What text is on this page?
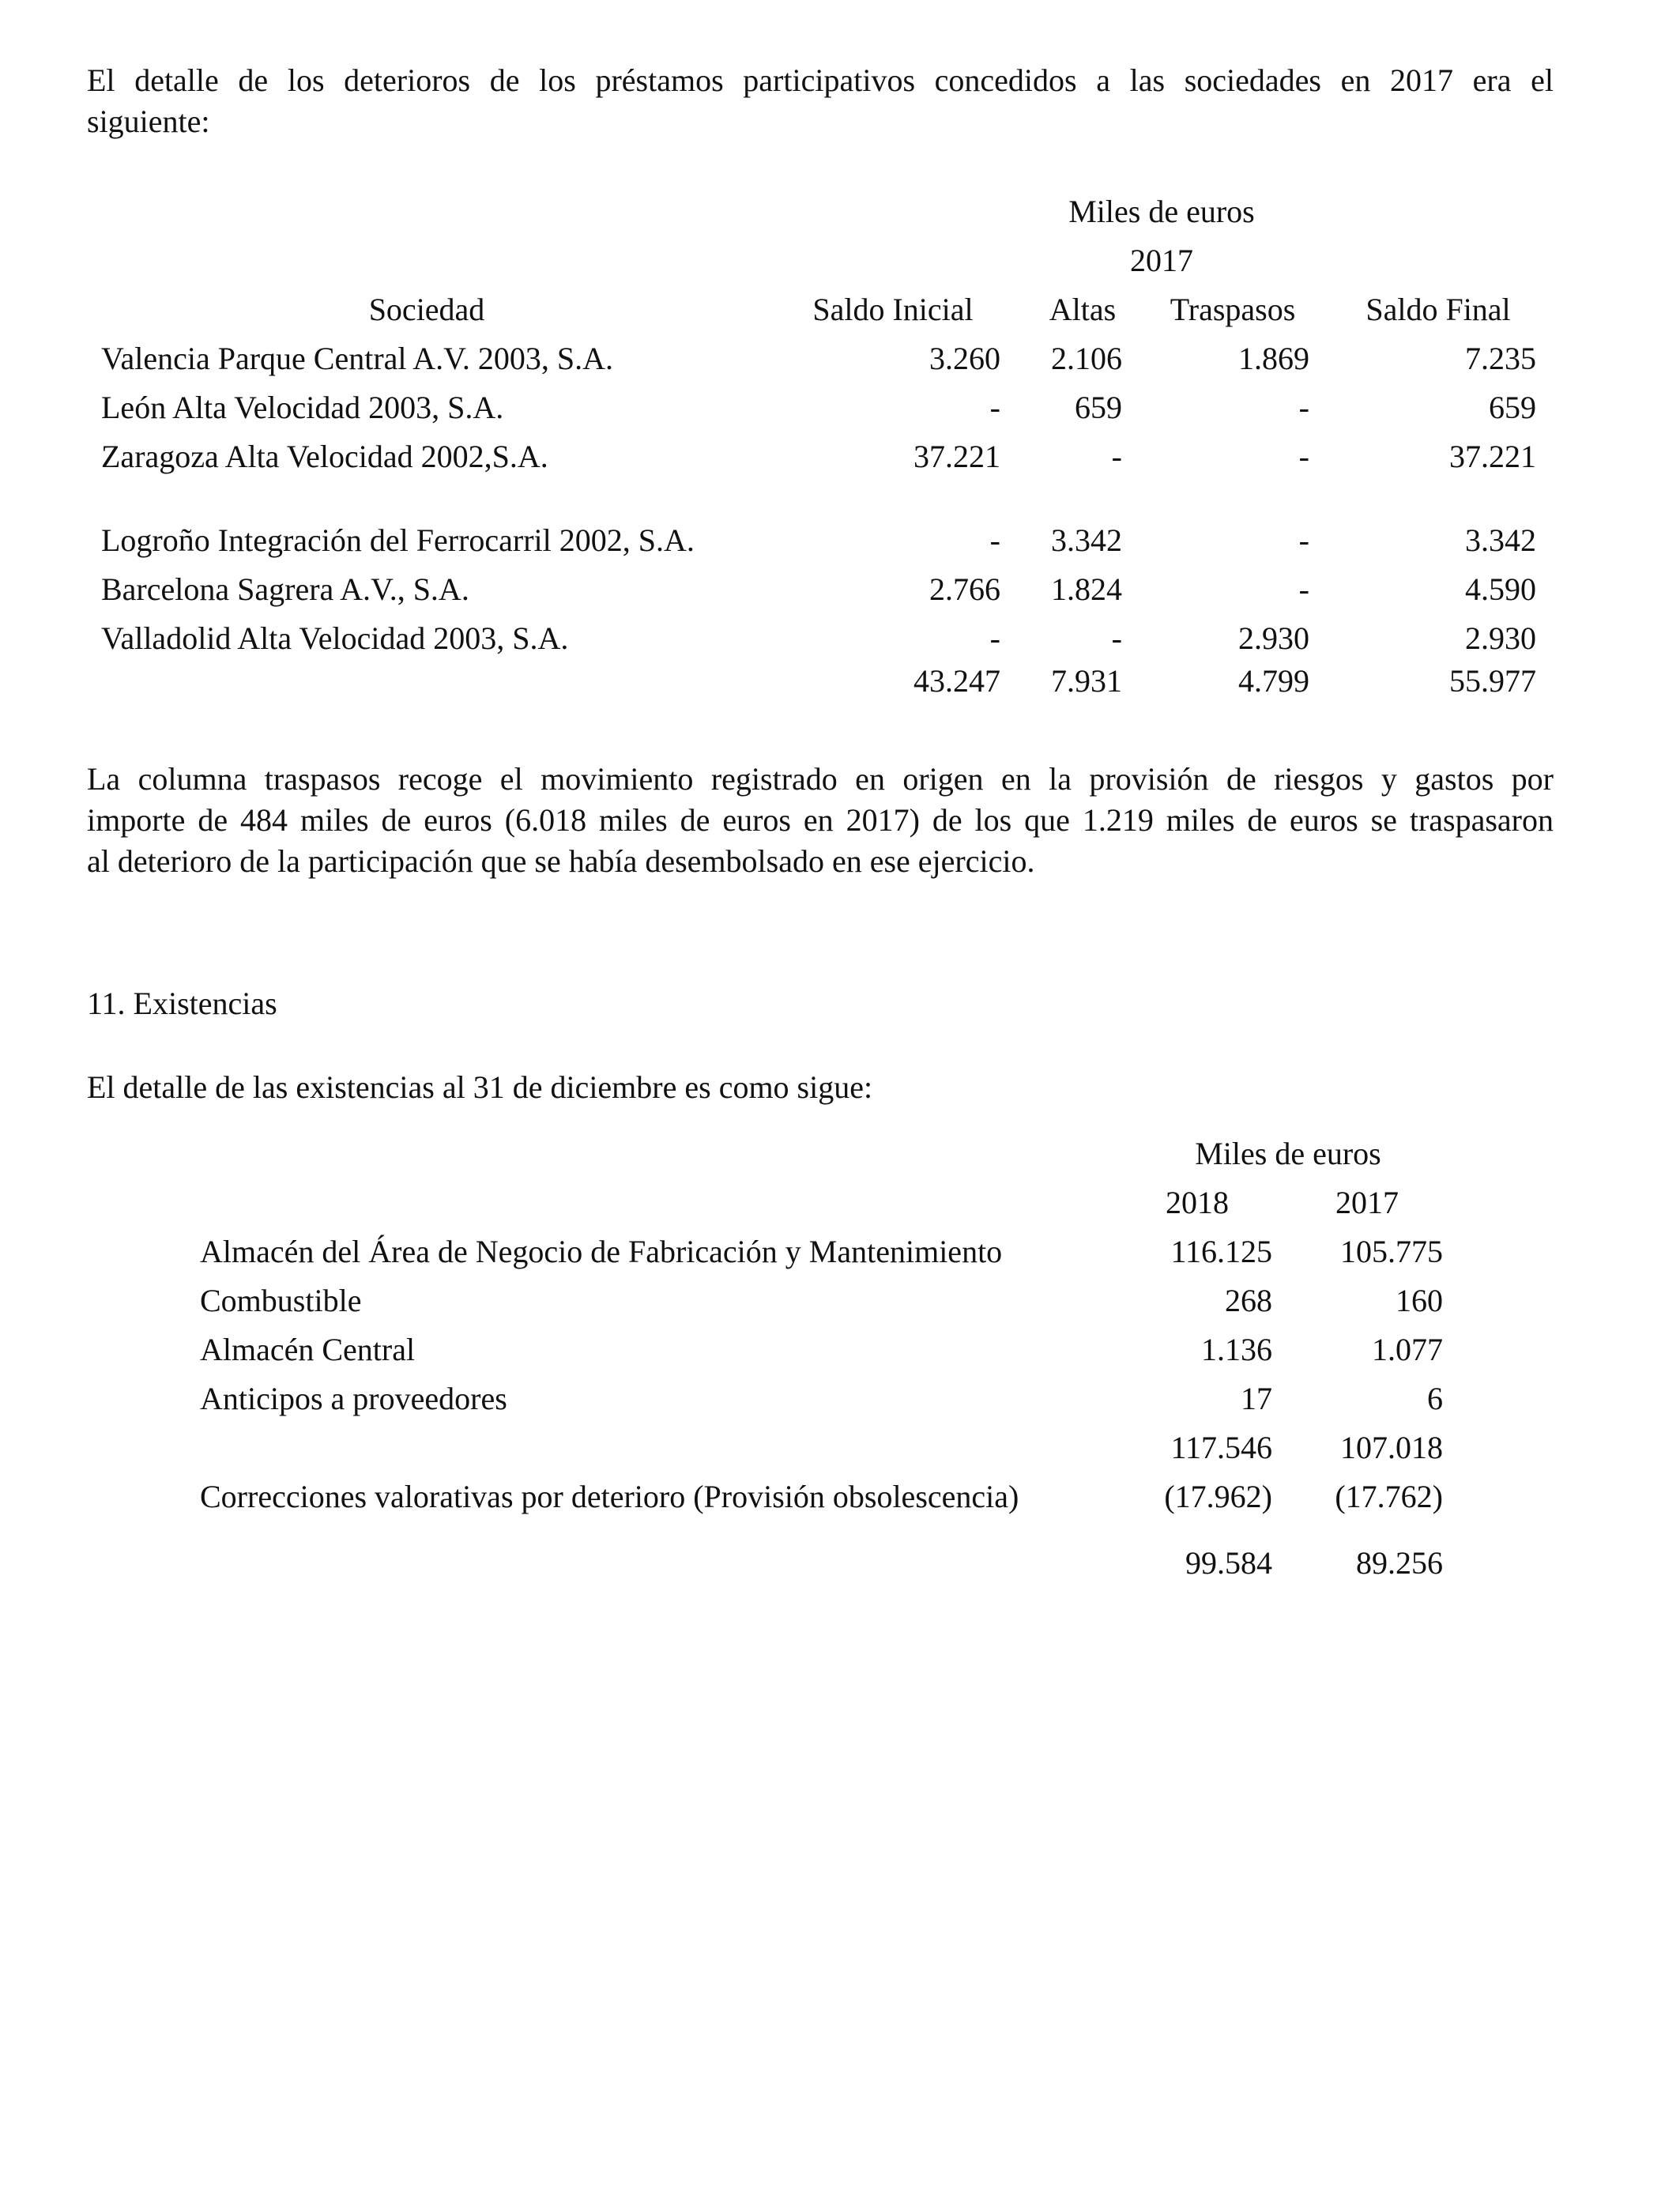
El detalle de los deterioros de los préstamos participativos concedidos a las sociedades en 2017 era el
siguiente:
Miles de euros
2017
Sociedad	Saldo Inicial	Altas	Traspasos	Saldo Final
Valencia Parque Central A.V. 2003, S.A.	3.260	2.106	1.869	7.235
León Alta Velocidad 2003, S.A.	-	659	-	659
Zaragoza Alta Velocidad 2002,S.A.	37.221	-	-	37.221
Logroño Integración del Ferrocarril 2002, S.A.	-	3.342	-	3.342
Barcelona Sagrera A.V., S.A.	2.766	1.824	-	4.590
Valladolid Alta Velocidad 2003, S.A.	-	-	2.930	2.930
43.247	7.931	4.799	55.977
La columna traspasos recoge el movimiento registrado en origen en la provisión de riesgos y gastos por
importe de 484 miles de euros (6.018 miles de euros en 2017) de los que 1.219 miles de euros se traspasaron
al deterioro de la participación que se había desembolsado en ese ejercicio.
11. Existencias
El detalle de las existencias al 31 de diciembre es como sigue:
Miles de euros
2018	2017
Almacén del Área de Negocio de Fabricación y Mantenimiento	116.125	105.775
Combustible	268	160
Almacén Central	1.136	1.077
Anticipos a proveedores	17	6
117.546	107.018
Correcciones valorativas por deterioro (Provisión obsolescencia)	(17.962)	(17.762)
99.584	89.256
